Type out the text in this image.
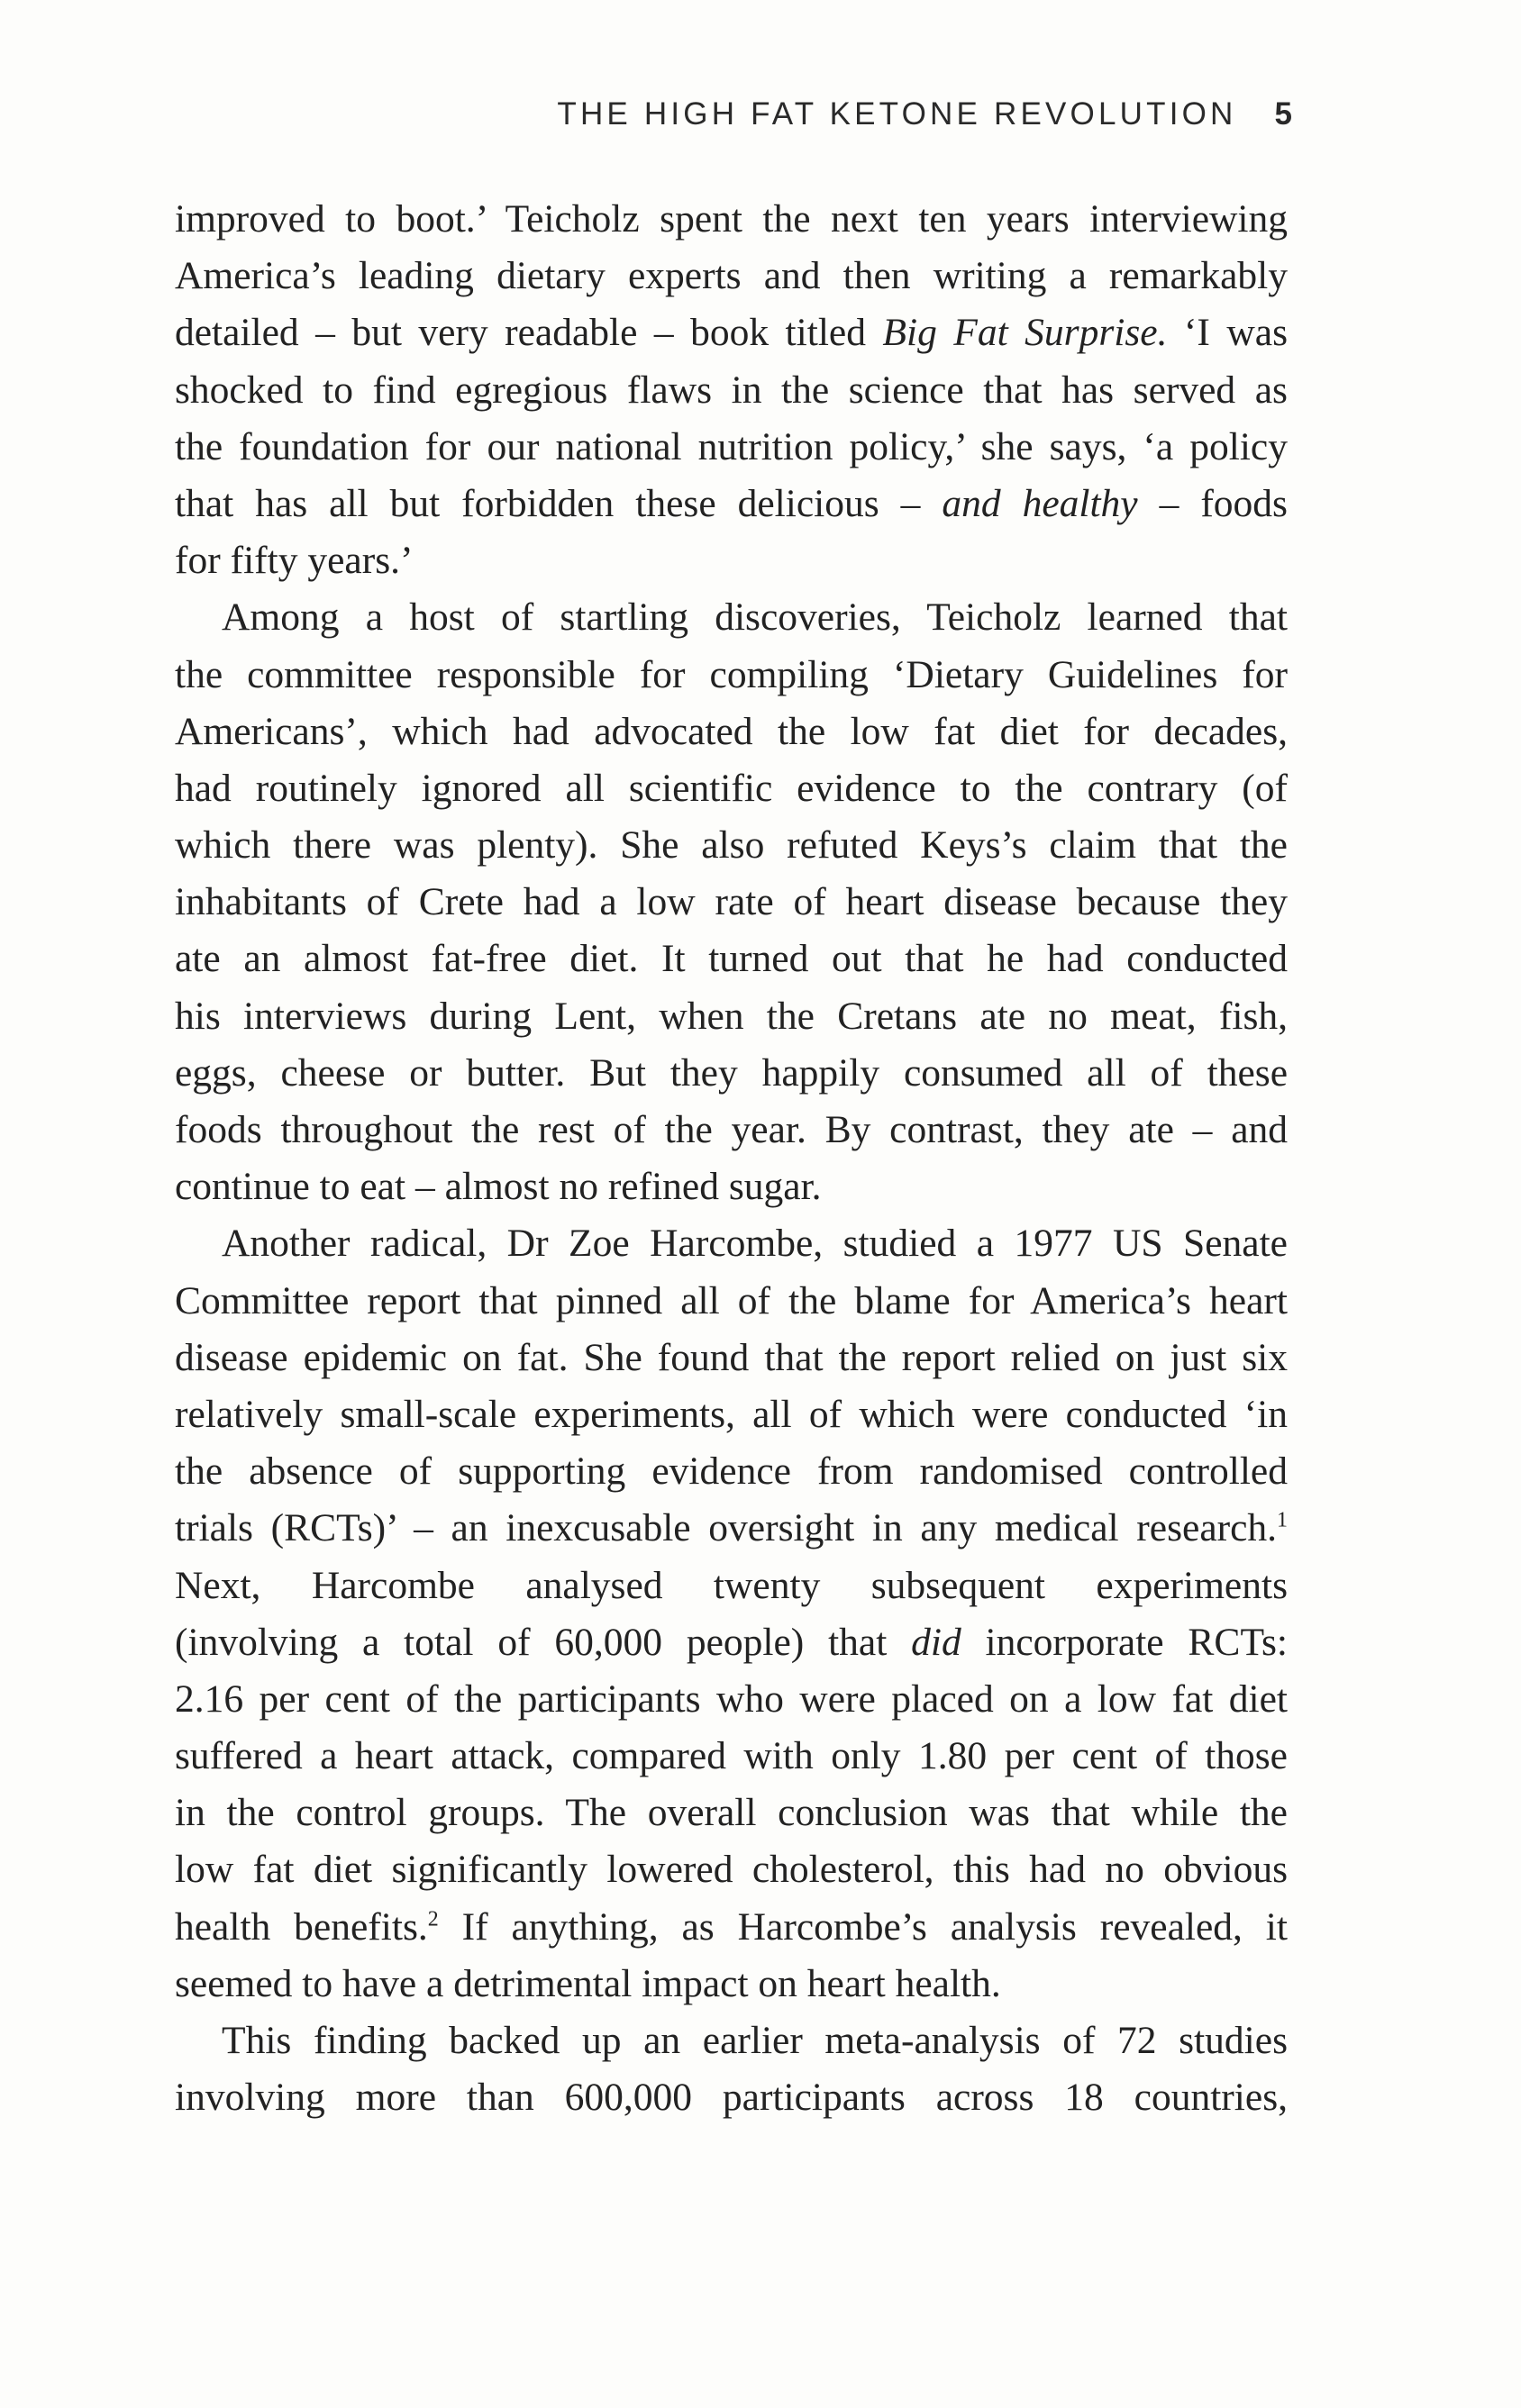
THE HIGH FAT KETONE REVOLUTION 5

improved to boot.’ Teicholz spent the next ten years interviewing
America’s leading dietary experts and then writing a remarkably
detailed – but very readable – book titled Big Fat Surprise. ‘I was
shocked to find egregious flaws in the science that has served as
the foundation for our national nutrition policy,’ she says, ‘a policy
that has all but forbidden these delicious – and healthy – foods
for fifty years.’

Among a host of startling discoveries, Teicholz learned that
the committee responsible for compiling ‘Dietary Guidelines for
Americans’, which had advocated the low fat diet for decades,
had routinely ignored all scientific evidence to the contrary (of
which there was plenty). She also refuted Keys’s claim that the
inhabitants of Crete had a low rate of heart disease because they
ate an almost fat-free diet. It turned out that he had conducted
his interviews during Lent, when the Cretans ate no meat, fish,
eggs, cheese or butter. But they happily consumed all of these
foods throughout the rest of the year. By contrast, they ate – and
continue to eat – almost no refined sugar.

Another radical, Dr Zoe Harcombe, studied a 1977 US Senate
Committee report that pinned all of the blame for America’s heart
disease epidemic on fat. She found that the report relied on just six
relatively small-scale experiments, all of which were conducted ‘in
the absence of supporting evidence from randomised controlled
trials (RCTs)’ – an inexcusable oversight in any medical research.$^1$
Next, Harcombe analysed twenty subsequent experiments
(involving a total of 60,000 people) that did incorporate RCTs:
2.16 per cent of the participants who were placed on a low fat diet
suffered a heart attack, compared with only 1.80 per cent of those
in the control groups. The overall conclusion was that while the
low fat diet significantly lowered cholesterol, this had no obvious
health benefits.$^2$ If anything, as Harcombe’s analysis revealed, it
seemed to have a detrimental impact on heart health.

This finding backed up an earlier meta-analysis of 72 studies
involving more than 600,000 participants across 18 countries,
